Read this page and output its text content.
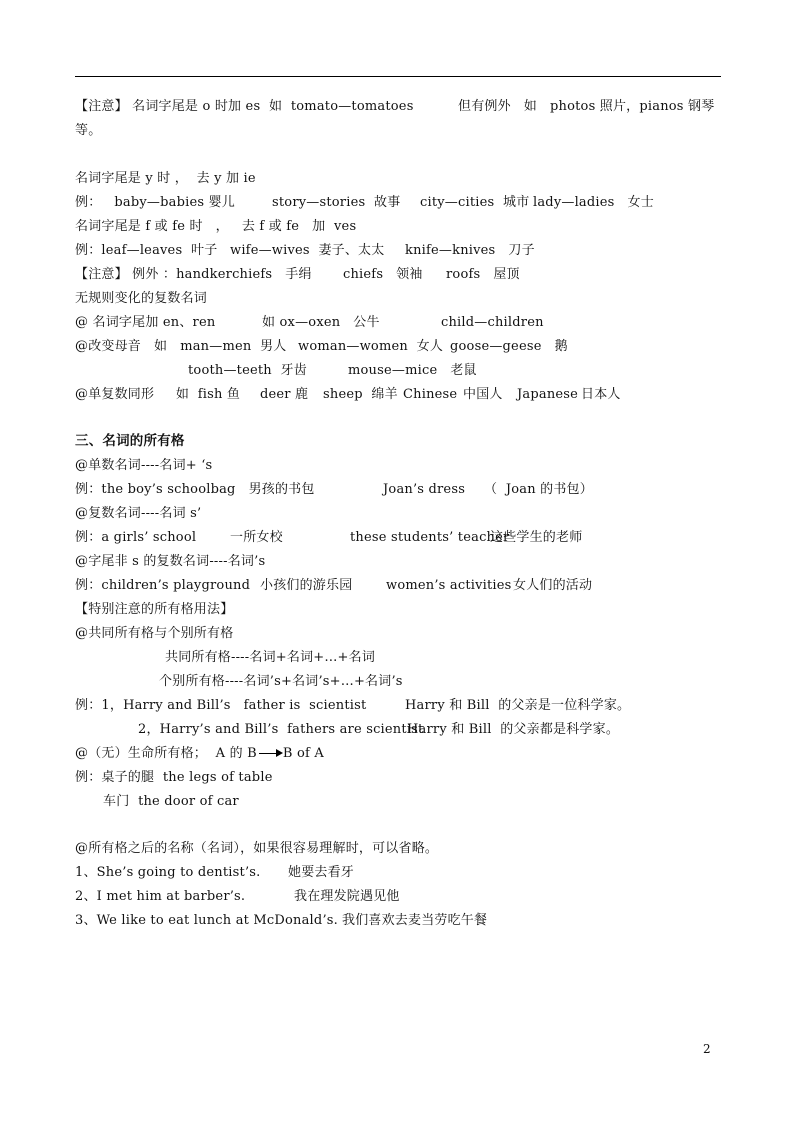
【注意】 名词字尾是 o 时加 es  如  tomato—tomatoes 但有例外   如   photos 照片，pianos 钢琴
等。
名词字尾是 y 时 ，  去 y 加 ie
例：   baby—babies 婴儿	story—stories  故事 city—cities  城市 lady—ladies   女士
名词字尾是 f 或 fe 时   ，   去 f 或 fe   加  ves
例：leaf—leaves  叶子 wife—wives  妻子、太太 knife—knives   刀子
【注意】 例外 ：handkerchiefs   手绢 chiefs   领袖 roofs   屋顶
无规则变化的复数名词
@ 名词字尾加 en、ren	如 ox—oxen   公牛	child—children
@改变母音   如   man—men  男人 woman—women  女人 goose—geese   鹅
tooth—teeth  牙齿	mouse—mice   老鼠
@单复数同形     如  fish 鱼 deer 鹿 sheep  绵羊 Chinese 中国人 Japanese 日本人
三、名词的所有格
@单数名词----名词+ ‘s
例：the boy’s schoolbag   男孩的书包	Joan’s dress （  Joan 的书包）
@复数名词----名词 s’
例：a girls’ school	一所女校	these students’ teacher
这些学生的老师
@字尾非 s 的复数名词----名词’s
例：children’s playground 小孩们的游乐园	women’s activities 女人们的活动
【特别注意的所有格用法】
@共同所有格与个别所有格
共同所有格----名词+名词+…+名词
个别所有格----名词’s+名词’s+…+名词’s
例：1，Harry and Bill’s   father is  scientist	Harry 和 Bill  的父亲是一位科学家。
2，Harry’s and Bill’s  fathers are scientist
Harry 和 Bill  的父亲都是科学家。
@（无）生命所有格；  A 的 B B of A
例：桌子的腿  the legs of table
车门  the door of car
@所有格之后的名称（名词），如果很容易理解时，可以省略。
1、She’s going to dentist’s. 她要去看牙
2、I met him at barber’s.	我在理发院遇见他
3、We like to eat lunch at McDonald’s. 我们喜欢去麦当劳吃午餐
2
